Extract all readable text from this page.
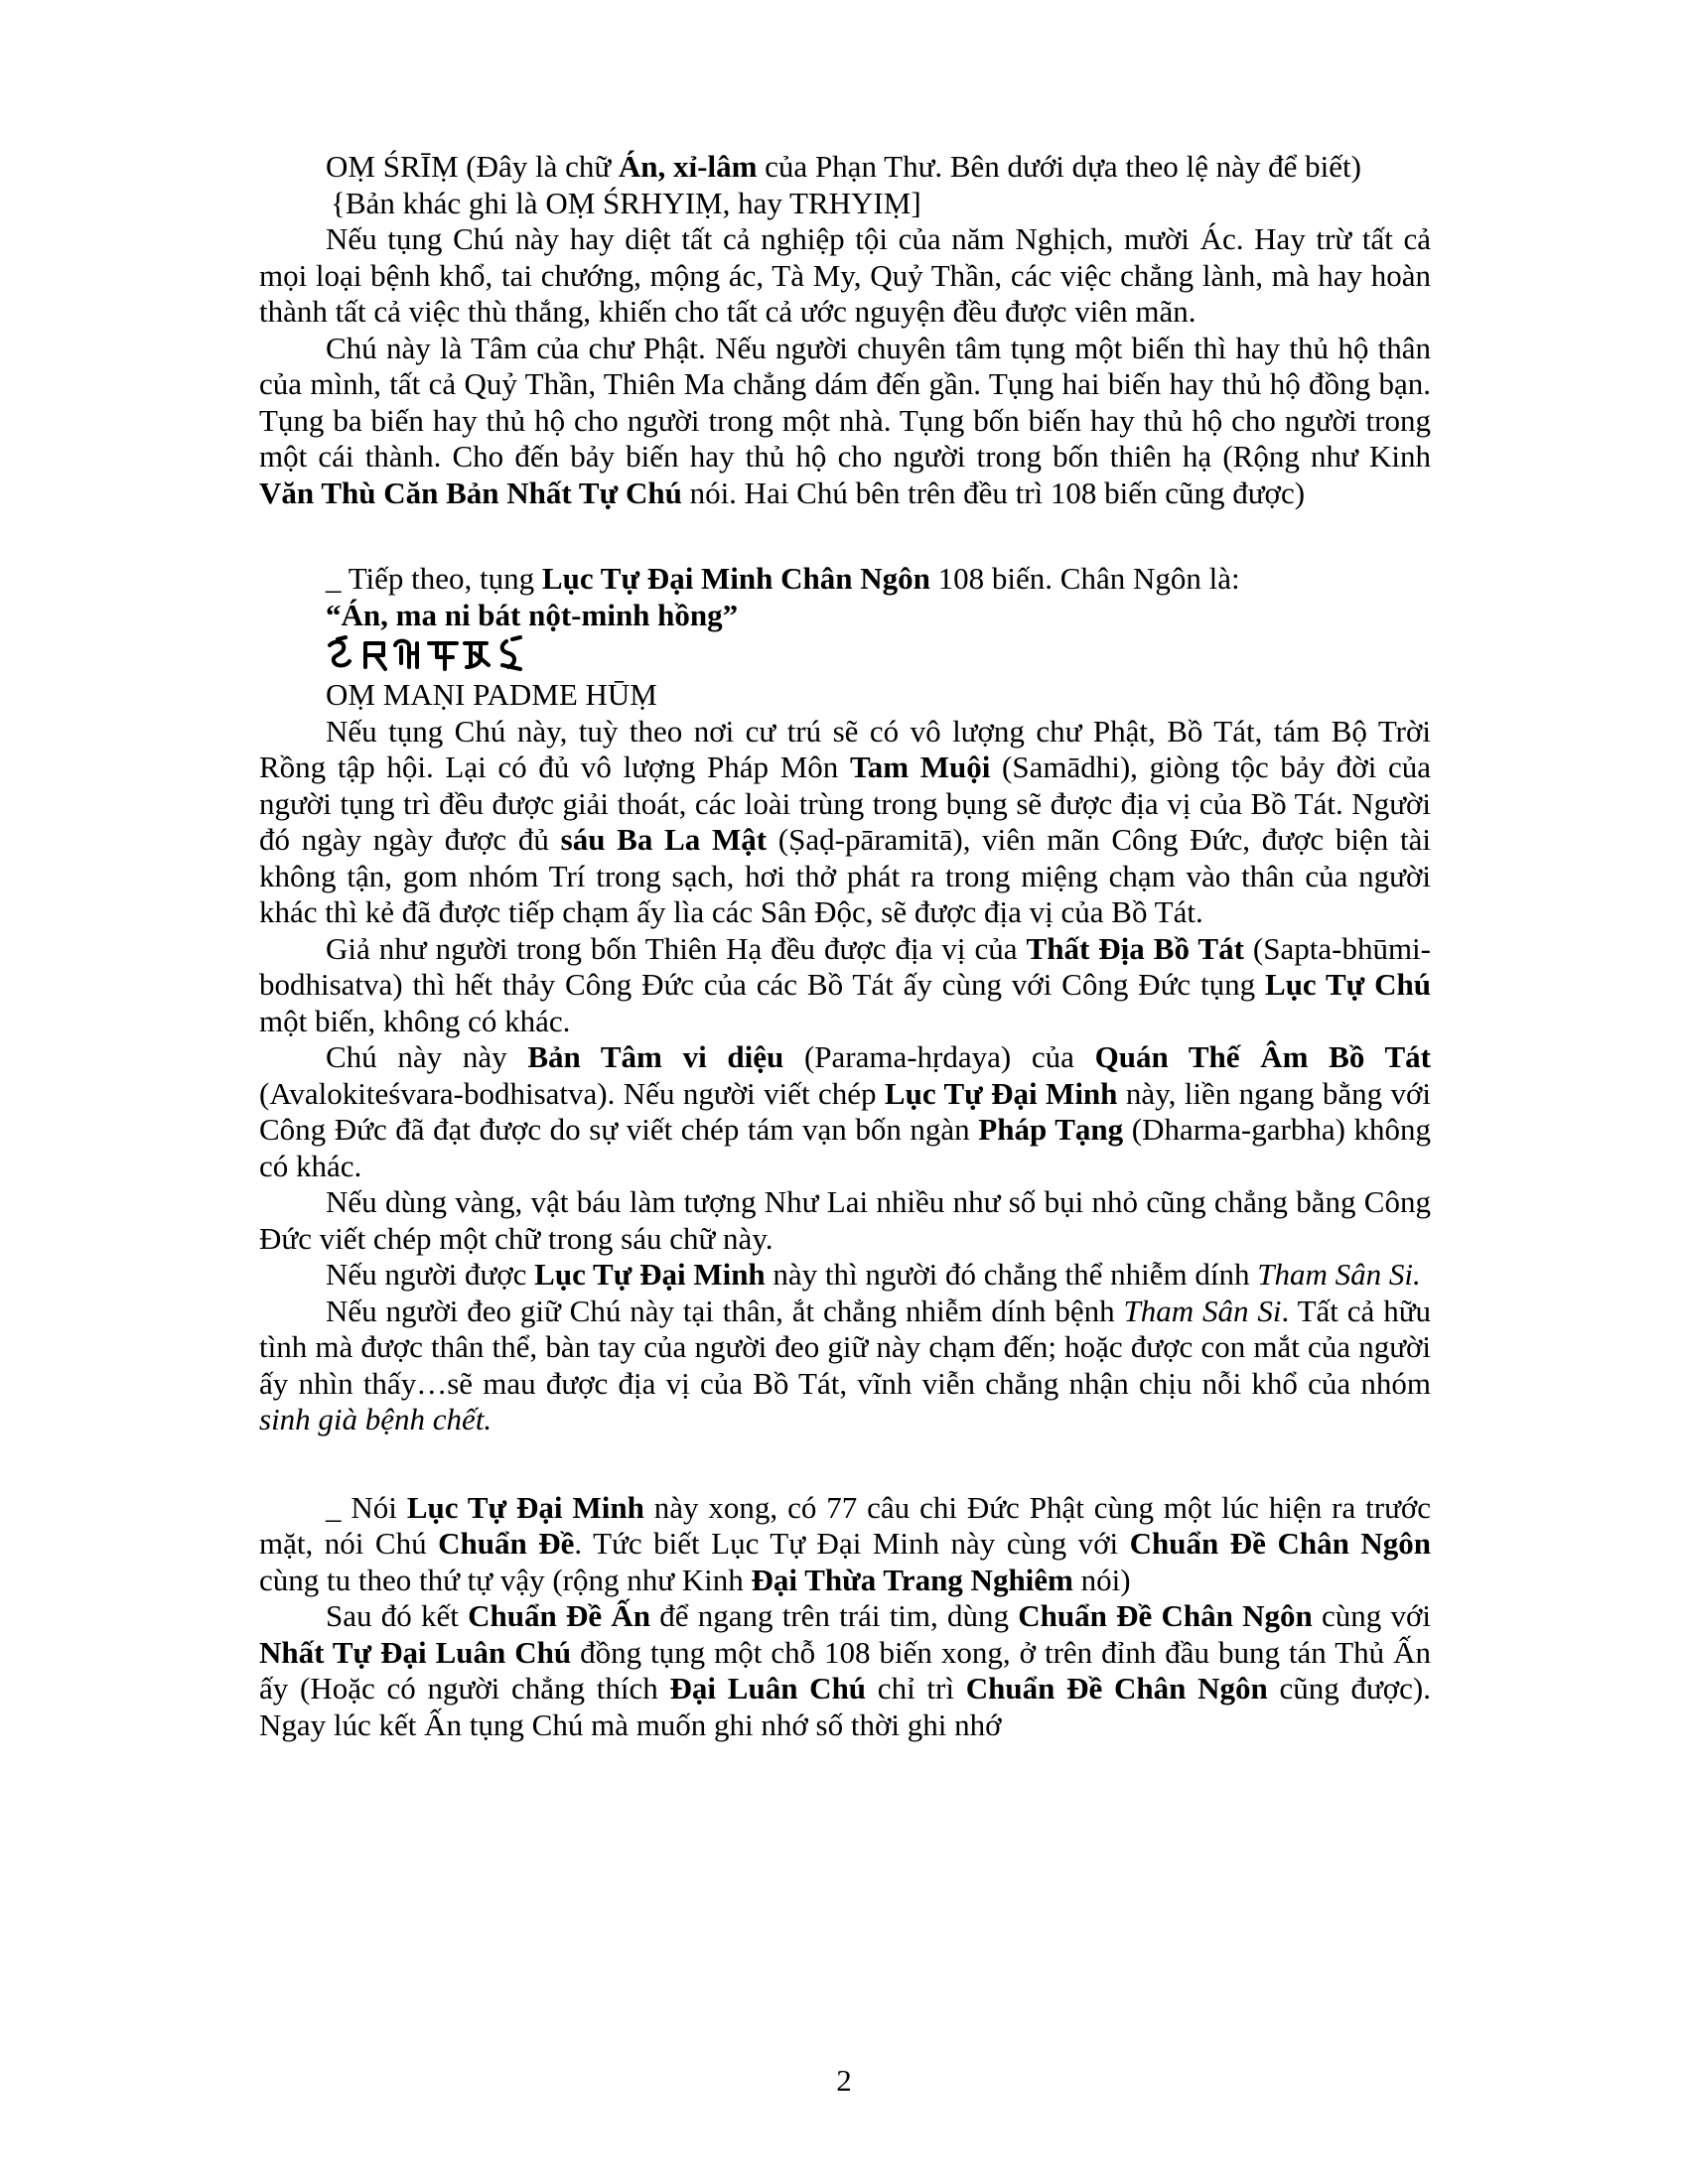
OṂ ŚRĪṂ (Đây là chữ Án, xỉ-lâm của Phạn Thư. Bên dưới dựa theo lệ này để biết)

{Bản khác ghi là OṂ ŚRHYIṂ, hay TRHYIṂ]

Nếu tụng Chú này hay diệt tất cả nghiệp tội của năm Nghịch, mười Ác. Hay trừ tất cả mọi loại bệnh khổ, tai chướng, mộng ác, Tà My, Quỷ Thần, các việc chẳng lành, mà hay hoàn thành tất cả việc thù thắng, khiến cho tất cả ước nguyện đều được viên mãn.

Chú này là Tâm của chư Phật. Nếu người chuyên tâm tụng một biến thì hay thủ hộ thân của mình, tất cả Quỷ Thần, Thiên Ma chẳng dám đến gần. Tụng hai biến hay thủ hộ đồng bạn. Tụng ba biến hay thủ hộ cho người trong một nhà. Tụng bốn biến hay thủ hộ cho người trong một cái thành. Cho đến bảy biến hay thủ hộ cho người trong bốn thiên hạ (Rộng như Kinh Văn Thù Căn Bản Nhất Tự Chú nói. Hai Chú bên trên đều trì 108 biến cũng được)

_ Tiếp theo, tụng Lục Tự Đại Minh Chân Ngôn 108 biến. Chân Ngôn là:

“Án, ma ni bát nột-minh hồng”

OṂ MAṆI PADME HŪṂ

Nếu tụng Chú này, tuỳ theo nơi cư trú sẽ có vô lượng chư Phật, Bồ Tát, tám Bộ Trời Rồng tập hội. Lại có đủ vô lượng Pháp Môn Tam Muội (Samādhi), giòng tộc bảy đời của người tụng trì đều được giải thoát, các loài trùng trong bụng sẽ được địa vị của Bồ Tát. Người đó ngày ngày được đủ sáu Ba La Mật (Ṣaḍ-pāramitā), viên mãn Công Đức, được biện tài không tận, gom nhóm Trí trong sạch, hơi thở phát ra trong miệng chạm vào thân của người khác thì kẻ đã được tiếp chạm ấy lìa các Sân Độc, sẽ được địa vị của Bồ Tát.

Giả như người trong bốn Thiên Hạ đều được địa vị của Thất Địa Bồ Tát (Sapta-bhūmi-bodhisatva) thì hết thảy Công Đức của các Bồ Tát ấy cùng với Công Đức tụng Lục Tự Chú một biến, không có khác.

Chú này này Bản Tâm vi diệu (Parama-hṛdaya) của Quán Thế Âm Bồ Tát (Avalokiteśvara-bodhisatva). Nếu người viết chép Lục Tự Đại Minh này, liền ngang bằng với Công Đức đã đạt được do sự viết chép tám vạn bốn ngàn Pháp Tạng (Dharma-garbha) không có khác.

Nếu dùng vàng, vật báu làm tượng Như Lai nhiều như số bụi nhỏ cũng chẳng bằng Công Đức viết chép một chữ trong sáu chữ này.

Nếu người được Lục Tự Đại Minh này thì người đó chẳng thể nhiễm dính Tham Sân Si.

Nếu người đeo giữ Chú này tại thân, ắt chẳng nhiễm dính bệnh Tham Sân Si. Tất cả hữu tình mà được thân thể, bàn tay của người đeo giữ này chạm đến; hoặc được con mắt của người ấy nhìn thấy…sẽ mau được địa vị của Bồ Tát, vĩnh viễn chẳng nhận chịu nỗi khổ của nhóm sinh già bệnh chết.

_ Nói Lục Tự Đại Minh này xong, có 77 câu chi Đức Phật cùng một lúc hiện ra trước mặt, nói Chú Chuẩn Đề. Tức biết Lục Tự Đại Minh này cùng với Chuẩn Đề Chân Ngôn cùng tu theo thứ tự vậy (rộng như Kinh Đại Thừa Trang Nghiêm nói)

Sau đó kết Chuẩn Đề Ấn để ngang trên trái tim, dùng Chuẩn Đề Chân Ngôn cùng với Nhất Tự Đại Luân Chú đồng tụng một chỗ 108 biến xong, ở trên đỉnh đầu bung tán Thủ Ấn ấy (Hoặc có người chẳng thích Đại Luân Chú chỉ trì Chuẩn Đề Chân Ngôn cũng được). Ngay lúc kết Ấn tụng Chú mà muốn ghi nhớ số thời ghi nhớ

2
